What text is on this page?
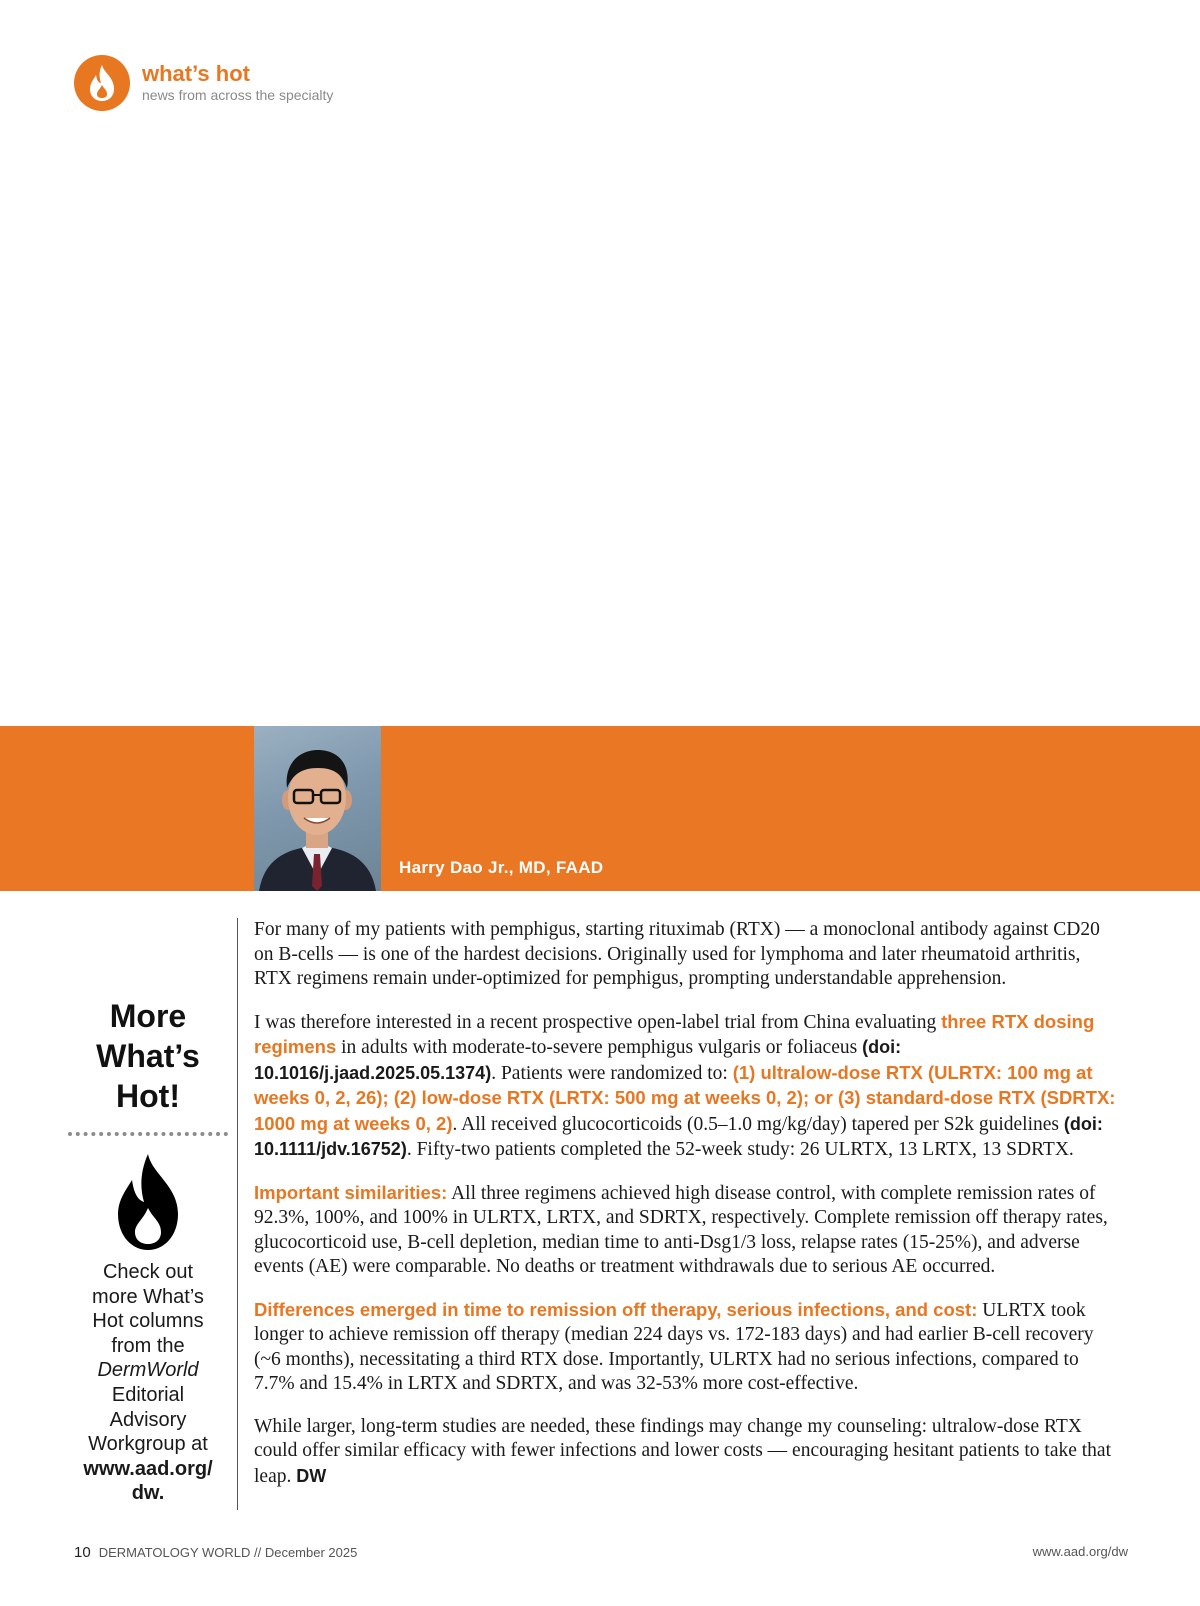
what’s hot
news from across the specialty
Harry Dao Jr., MD, FAAD
More
What’s
Hot!
Check out
more What’s
Hot columns
from the
DermWorld
Editorial
Advisory
Workgroup at
www.aad.org/
dw.

For many of my patients with pemphigus, starting rituximab (RTX) — a monoclonal antibody against CD20 on B-cells — is one of the hardest decisions. Originally used for lymphoma and later rheumatoid arthritis, RTX regimens remain under-optimized for pemphigus, prompting understandable apprehension.

I was therefore interested in a recent prospective open-label trial from China evaluating three RTX dosing regimens in adults with moderate-to-severe pemphigus vulgaris or foliaceus (doi: 10.1016/j.jaad.2025.05.1374). Patients were randomized to: (1) ultralow-dose RTX (ULRTX: 100 mg at weeks 0, 2, 26); (2) low-dose RTX (LRTX: 500 mg at weeks 0, 2); or (3) standard-dose RTX (SDRTX: 1000 mg at weeks 0, 2). All received glucocorticoids (0.5–1.0 mg/kg/day) tapered per S2k guidelines (doi: 10.1111/jdv.16752). Fifty-two patients completed the 52-week study: 26 ULRTX, 13 LRTX, 13 SDRTX.

Important similarities: All three regimens achieved high disease control, with complete remission rates of 92.3%, 100%, and 100% in ULRTX, LRTX, and SDRTX, respectively. Complete remission off therapy rates, glucocorticoid use, B-cell depletion, median time to anti-Dsg1/3 loss, relapse rates (15-25%), and adverse events (AE) were comparable. No deaths or treatment withdrawals due to serious AE occurred.

Differences emerged in time to remission off therapy, serious infections, and cost: ULRTX took longer to achieve remission off therapy (median 224 days vs. 172-183 days) and had earlier B-cell recovery (~6 months), necessitating a third RTX dose. Importantly, ULRTX had no serious infections, compared to 7.7% and 15.4% in LRTX and SDRTX, and was 32-53% more cost-effective.

While larger, long-term studies are needed, these findings may change my counseling: ultralow-dose RTX could offer similar efficacy with fewer infections and lower costs — encouraging hesitant patients to take that leap. DW

10 DERMATOLOGY WORLD // December 2025	www.aad.org/dw
